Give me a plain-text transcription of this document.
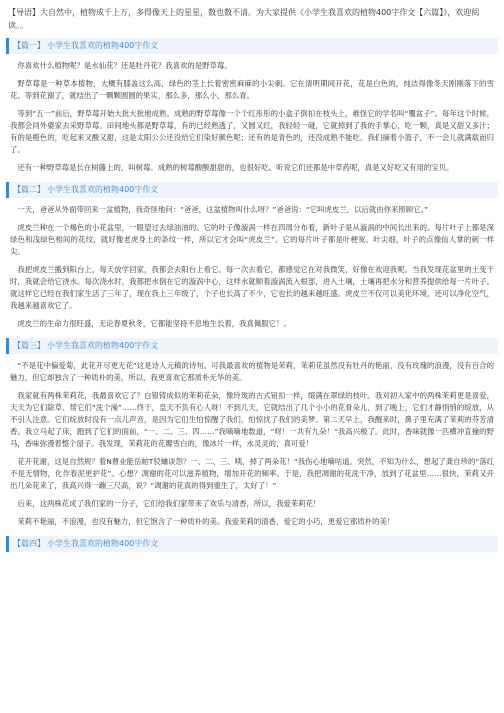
【导语】大自然中，植物成千上万，多得像天上的星星，数也数不清。为大家提供《小学生我喜欢的植物400字作文【六篇】》，欢迎阅读。。
【篇一】 小学生我喜欢的植物400字作文

你喜欢什么植物呢？是水仙花？还是牡丹花？我喜欢的是野草莓。

野草莓是一种草本植物，大概有膝盖这么高，绿色的茎上长着密密麻麻的小尖刺。它在清明期间开花，花是白色的，纯洁得像冬天刚刚落下的雪花。等到花谢了，就结出了一颗颗圆圆的果实，那么多，那么小，那么青。

等到“五一”前后，野草莓开始大批大批地成熟。成熟的野草莓像一个个红彤彤的小盒子倒扣在枝头上，难怪它的学名叫“覆盆子”。每年这个时候，我都会同外婆家去采野草莓。田间地头都是野草莓，有的已经熟透了，又圆又红，我轻轻一碰，它就掉到了我的手掌心，吃一颗，真是又甜又多汁；有的是橙色的，吃起来又酸又甜，这是太阳公公还没给它们染好颜色呢；还有的是青色的，还没成熟不能吃。我们摘着小篮子，不一会儿就满载而归了。

还有一种野草莓是长在树藤上的，叫树莓。成熟的树莓酸酸甜甜的，也很好吃。听说它们还都是中草药呢，真是又好吃又有用的宝贝。

【篇二】 小学生我喜欢的植物400字作文

一天，爸爸从外面带回来一盆植物，我奇怪地问：“爸爸，这盆植物叫什么呀？”爸爸说：“它叫虎皮兰，以后就由你来照顾它。”

虎皮兰种在一个褐色的小花盆里，一眼望过去绿油油的。它的叶子像漩涡一样在四周分布着，新叶子是从漩涡的中间长出来的。每片叶子上都是深绿色和浅绿色相间的花纹，就好像老虎身上的条纹一样，所以它才会叫“虎皮兰”。它的每片叶子都是叶梗宽、叶尖细，叶子的点像仙人掌的刺一样尖。

我把虎皮兰搬到阳台上，每天放学回家，我都会去阳台上看它。每一次去看它，都感觉它在对我微笑，好像在欢迎我呢。当我发现花盆里的土变干时，我就会给它浇水。每次浇水时，我都把水倒在它的漩涡中心，这样水就顺着漩涡流入根部，进入土壤，土壤再把水分和营养提供给每一片叶子。就这样它已经在我们家生活了三年了，现在我上三年级了，个子也长高了不少，它也长的越来越旺盛。虎皮兰不仅可以美化环境，还可以净化空气，我越来越喜欢它了。

虎皮兰的生命力很旺盛，无论春夏秋冬，它都能坚持不息地生长着，我真佩服它！。

【篇三】 小学生我喜欢的植物400字作文

“不是花中偏爱菊，此花开尽更无花”这是诗人元稹的诗句。可我最喜欢的植物是茉莉，茉莉花虽然没有牡丹的艳丽，没有玫瑰的浪漫，没有百合的魅力，但它却独含了一种质朴的美，所以，我更喜欢它那质朴无华的美。

我家就有两株茉莉花，我最喜欢它了？白银铸成似的茉莉花朵，像玲珑的古式钮扣一样，缀满在翠绿的枝叶。我对初入家中的两株茉莉更是喜爱，天天为它们除草、帮它们“洗个澡”……终于，皇天不负有心人呀！不到几天，它就结出了几个小小的花骨朵儿，到了晚上，它们才静悄悄的绽放，从不引人注意。它们绽放时没有一点儿声音，是因为它们生怕惊醒了我们，怕惊扰了我们的美梦。第二天早上，我醒来时，鼻子里充满了茉莉的芬芳清香。我立马起了床，跑到了它们的面前，“一、二、三、四……”我嘀嘀地数道，“呀！一共有九朵！”我高兴极了。此时，香味就像一匹横冲直撞的野马，香味弥漫着整个屋子。我发现，茉莉花的花瓣雪白的，像冰片一样，水灵灵的，真可爱！

花开花谢，这是自然规？着N曹业能岳帕T驳蛐谈怨？一、二、三、咦，掉了两朵花！“我伤心地嘀咕道。突然，不知为什么，想起了龚自珍的“落红不是无情物，化作春泥更护花”。心想？凋谢的花可以滋养植物，增加开花的频率。于是，我把凋谢的花洗干净，放到了花盆里……很快，茉莉又开出几朵花来了，我高兴得一蹦三尺高，说？“凋谢的花真的得到重生了，太好了！”

后来，这两株花成了我们家的一分子，它们给我们家带来了欢乐与清香，所以，我爱茉莉花！

茉莉不艳丽，不浪漫，也没有魅力，但它饱含了一种质朴的美。我爱茉莉的清香，爱它的小巧，更爱它那质朴的美！

【篇四】 小学生我喜欢的植物400字作文
